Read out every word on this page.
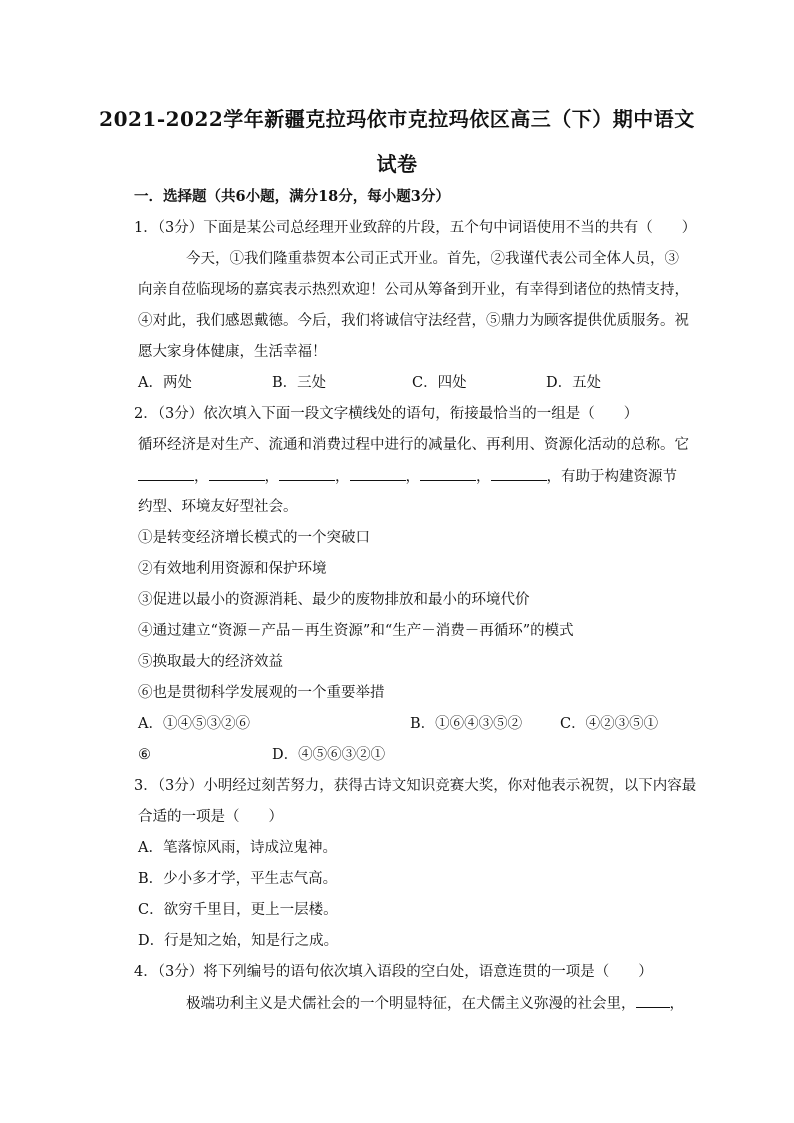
2021-2022学年新疆克拉玛依市克拉玛依区高三（下）期中语文
试卷
一．选择题（共6小题，满分18分，每小题3分）
1．（3分）下面是某公司总经理开业致辞的片段，五个句中词语使用不当的共有（　　）
今天，①我们隆重恭贺本公司正式开业。首先，②我谨代表公司全体人员，③
向亲自莅临现场的嘉宾表示热烈欢迎！公司从筹备到开业，有幸得到诸位的热情支持，
④对此，我们感恩戴德。今后，我们将诚信守法经营，⑤鼎力为顾客提供优质服务。祝
愿大家身体健康，生活幸福！
A．两处	B．三处	C．四处	D．五处
2．（3分）依次填入下面一段文字横线处的语句，衔接最恰当的一组是（　　）
循环经济是对生产、流通和消费过程中进行的减量化、再利用、资源化活动的总称。它
，	，	，	，	，	，有助于构建资源节
约型、环境友好型社会。
①是转变经济增长模式的一个突破口
②有效地利用资源和保护环境
③促进以最小的资源消耗、最少的废物排放和最小的环境代价
④通过建立“资源－产品－再生资源”和“生产－消费－再循环”的模式
⑤换取最大的经济效益
⑥也是贯彻科学发展观的一个重要举措
A．①④⑤③②⑥	B．①⑥④③⑤②	C．④②③⑤①
⑥	D．④⑤⑥③②①
3．（3分）小明经过刻苦努力，获得古诗文知识竞赛大奖，你对他表示祝贺，以下内容最
合适的一项是（　　）
A．笔落惊风雨，诗成泣鬼神。
B．少小多才学，平生志气高。
C．欲穷千里目，更上一层楼。
D．行是知之始，知是行之成。
4．（3分）将下列编号的语句依次填入语段的空白处，语意连贯的一项是（　　）
极端功利主义是犬儒社会的一个明显特征，在犬儒主义弥漫的社会里， ，
